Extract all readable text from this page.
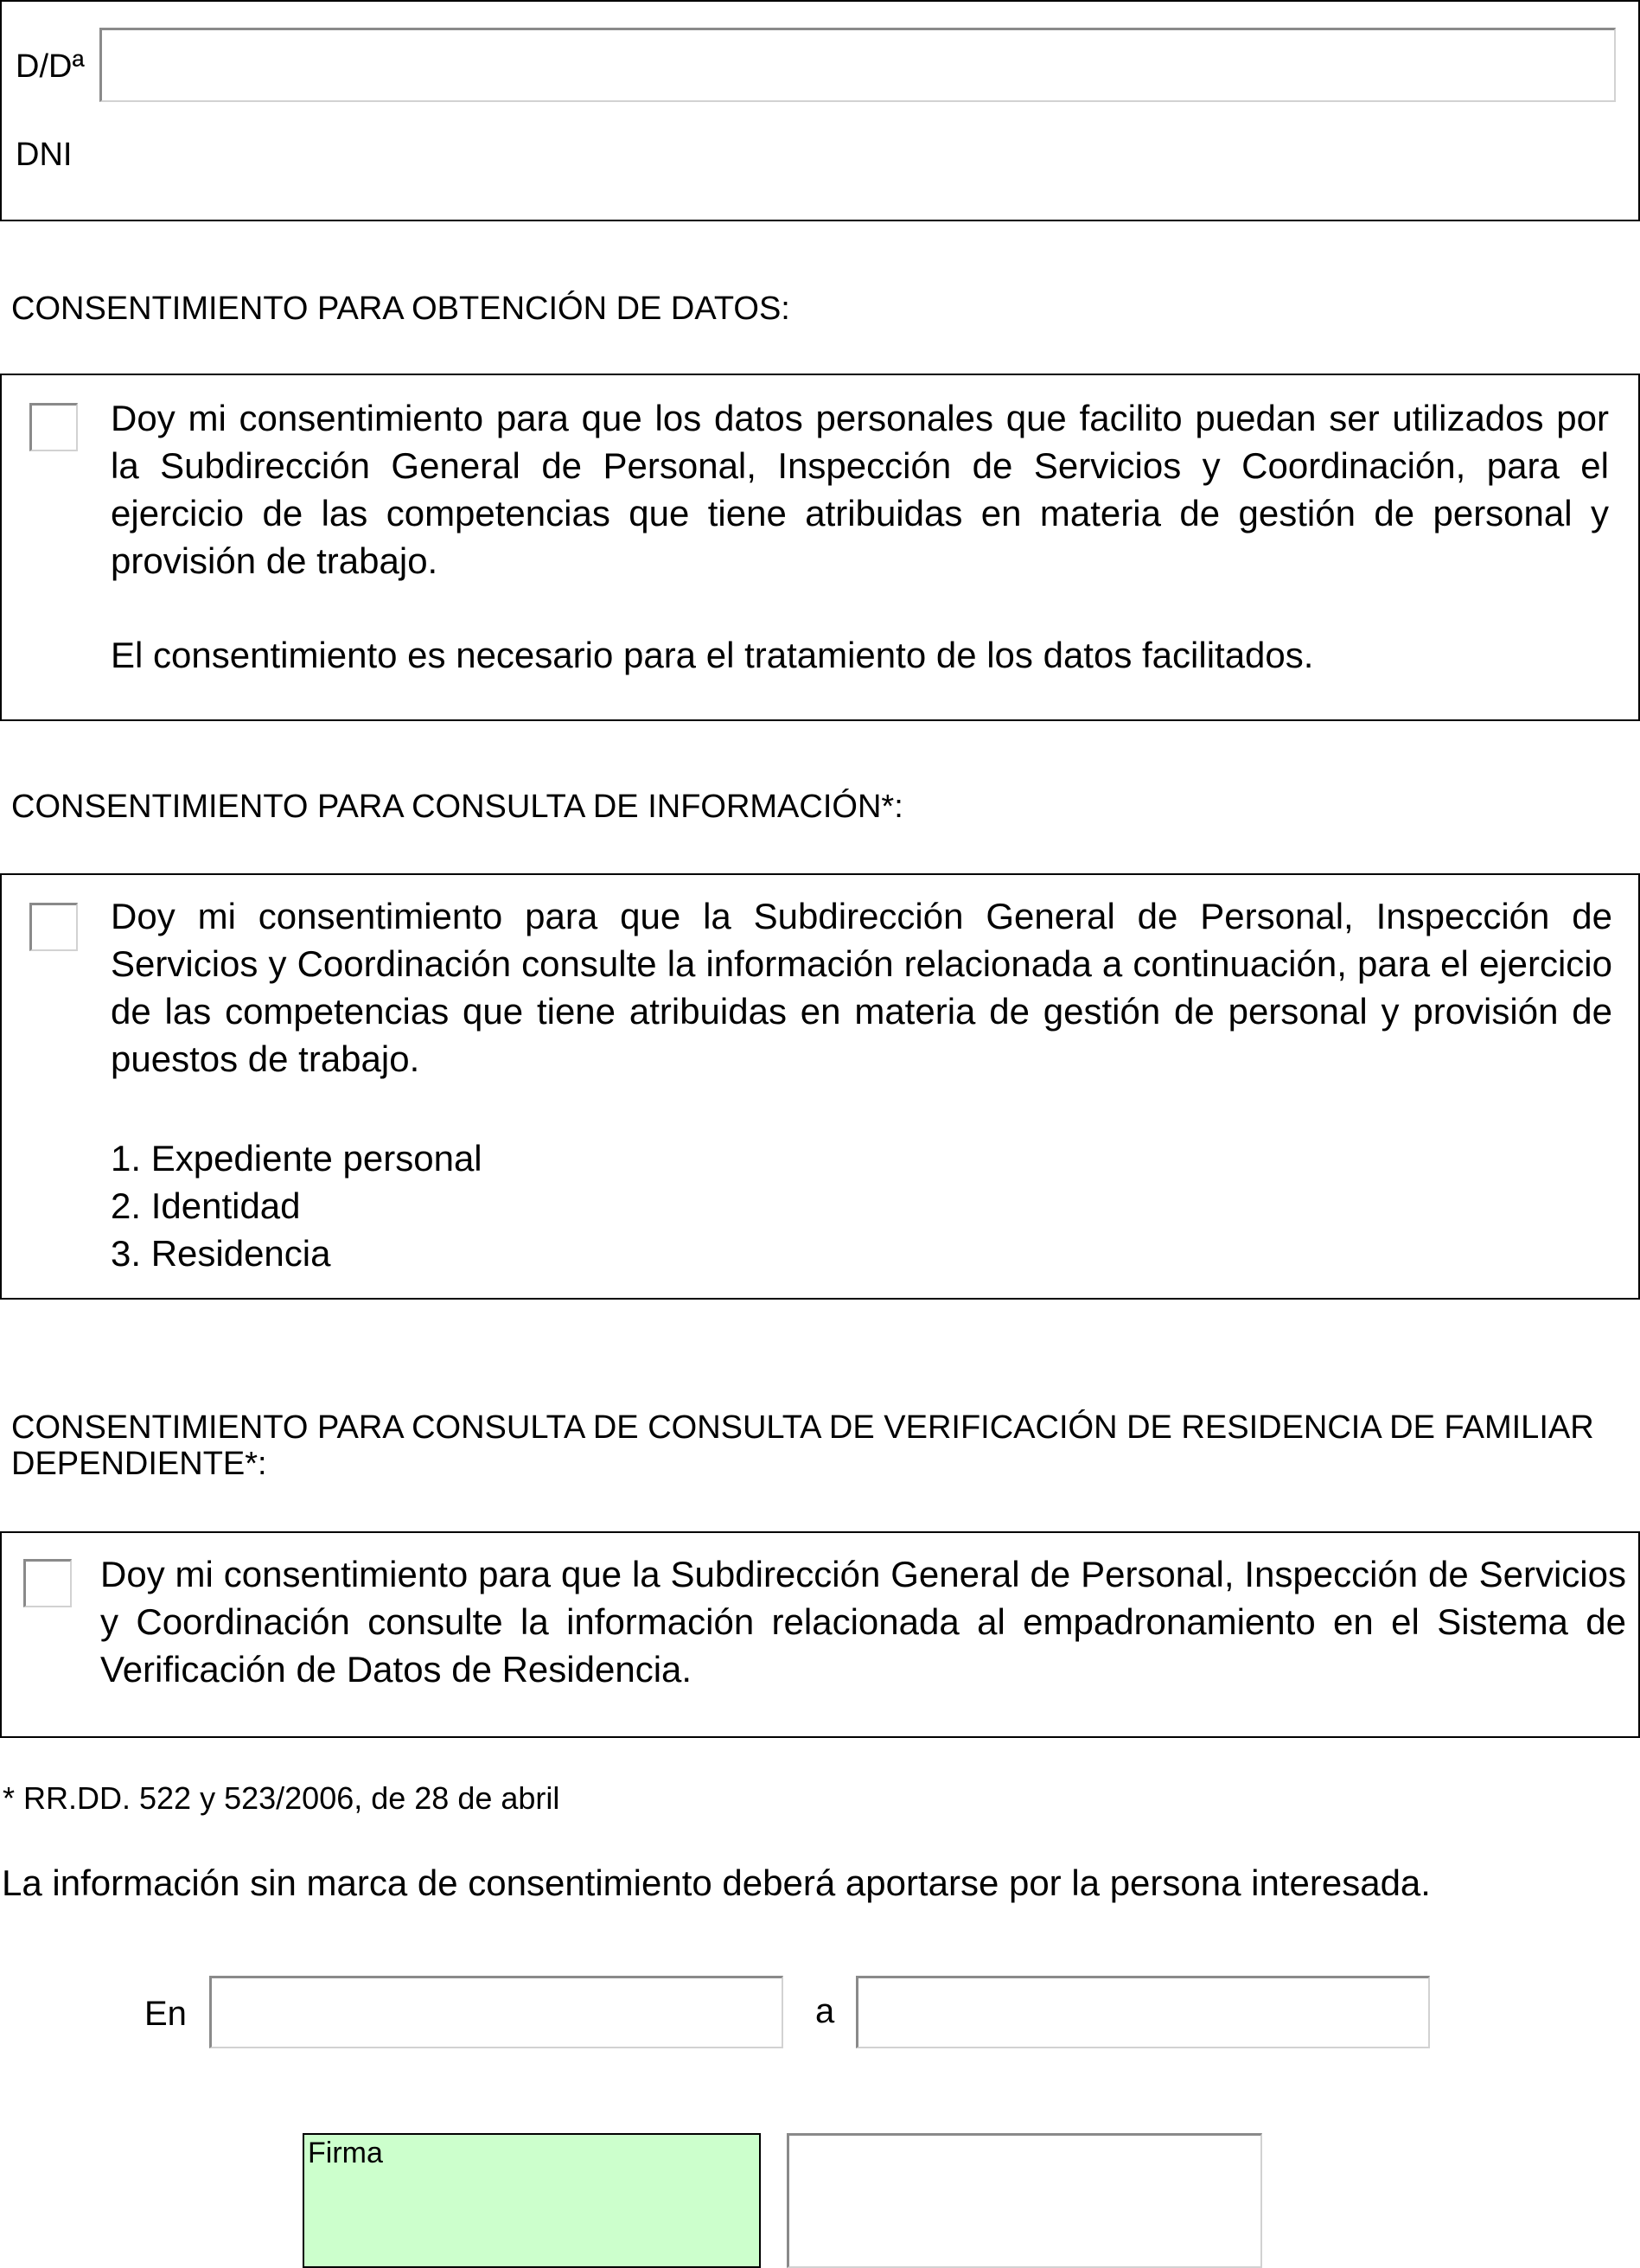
D/Dª
DNI
CONSENTIMIENTO PARA OBTENCIÓN DE DATOS:
Doy mi consentimiento para que los datos personales que facilito puedan ser utilizados por la Subdirección General de Personal, Inspección de Servicios y Coordinación, para el ejercicio de las competencias que tiene atribuidas en materia de gestión de personal y provisión de trabajo.
El consentimiento es necesario para el tratamiento de los datos facilitados.
CONSENTIMIENTO PARA CONSULTA DE INFORMACIÓN*:
Doy mi consentimiento para que la Subdirección General de Personal, Inspección de Servicios y Coordinación consulte la información relacionada a continuación, para el ejercicio de las competencias que tiene atribuidas en materia de gestión de personal y provisión de puestos de trabajo.
1. Expediente personal
2. Identidad
3. Residencia
CONSENTIMIENTO PARA CONSULTA DE CONSULTA DE VERIFICACIÓN DE RESIDENCIA DE FAMILIAR DEPENDIENTE*:
Doy mi consentimiento para que la Subdirección General de Personal, Inspección de Servicios y Coordinación consulte la información relacionada al empadronamiento en el Sistema de Verificación de Datos de Residencia.
* RR.DD. 522 y 523/2006, de 28 de abril
La información sin marca de consentimiento deberá aportarse por la persona interesada.
En	a
Firma
